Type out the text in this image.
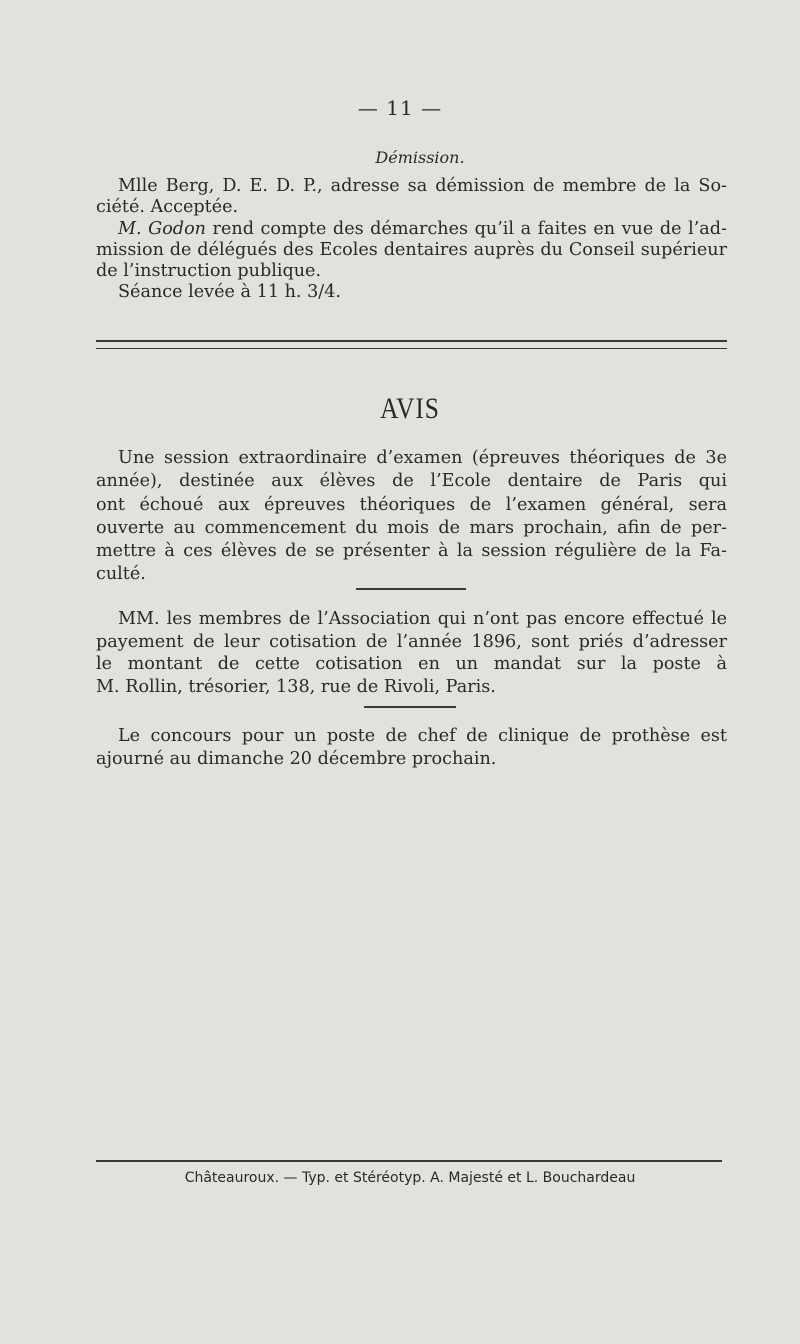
— 11 —
Démission.

Mlle Berg, D. E. D. P., adresse sa démission de membre de la So-
ciété. Acceptée.

M. Godon rend compte des démarches qu’il a faites en vue de l’ad-
mission de délégués des Ecoles dentaires auprès du Conseil supérieur
de l’instruction publique.

Séance levée à 11 h. 3/4.

AVIS

Une session extraordinaire d’examen (épreuves théoriques de 3e
année), destinée aux élèves de l’Ecole dentaire de Paris qui
ont échoué aux épreuves théoriques de l’examen général, sera
ouverte au commencement du mois de mars prochain, afin de per-
mettre à ces élèves de se présenter à la session régulière de la Fa-
culté.

MM. les membres de l’Association qui n’ont pas encore effectué le
payement de leur cotisation de l’année 1896, sont priés d’adresser
le montant de cette cotisation en un mandat sur la poste à
M. Rollin, trésorier, 138, rue de Rivoli, Paris.

Le concours pour un poste de chef de clinique de prothèse est
ajourné au dimanche 20 décembre prochain.

Châteauroux. — Typ. et Stéréotyp. A. Majesté et L. Bouchardeau
